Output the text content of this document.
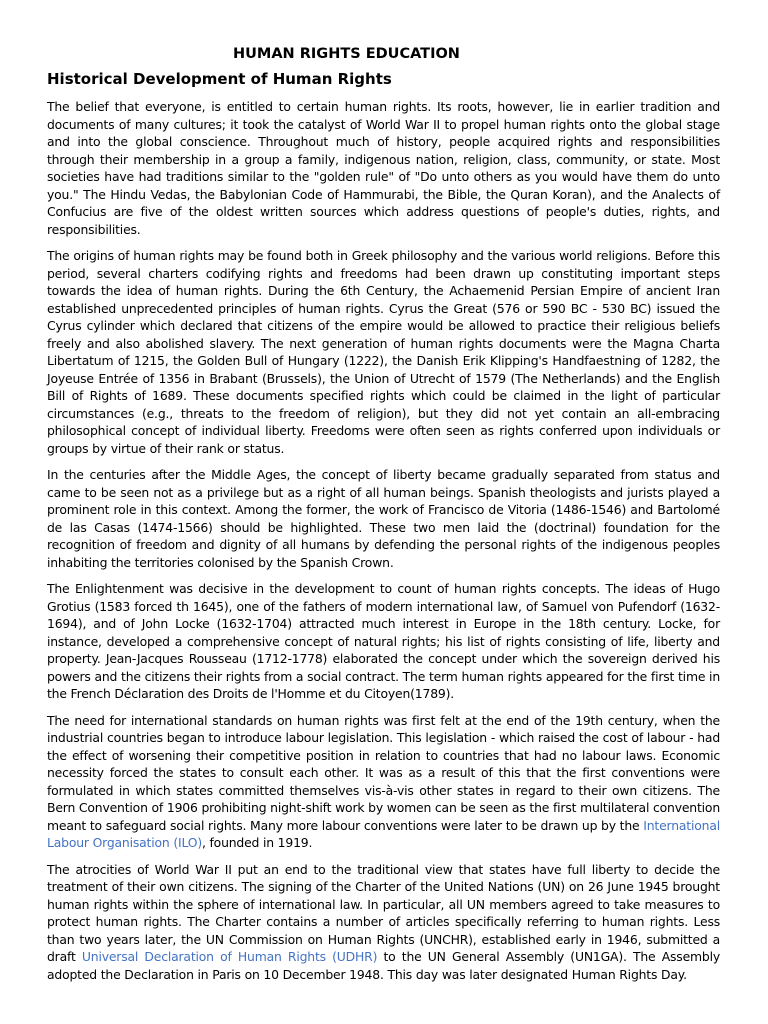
HUMAN RIGHTS EDUCATION
Historical Development of Human Rights

The belief that everyone, is entitled to certain human rights. Its roots, however, lie in earlier tradition and documents of many cultures; it took the catalyst of World War II to propel human rights onto the global stage and into the global conscience. Throughout much of history, people acquired rights and responsibilities through their membership in a group a family, indigenous nation, religion, class, community, or state. Most societies have had traditions similar to the "golden rule" of "Do unto others as you would have them do unto you." The Hindu Vedas, the Babylonian Code of Hammurabi, the Bible, the Quran Koran), and the Analects of Confucius are five of the oldest written sources which address questions of people's duties, rights, and responsibilities.

The origins of human rights may be found both in Greek philosophy and the various world religions. Before this period, several charters codifying rights and freedoms had been drawn up constituting important steps towards the idea of human rights. During the 6th Century, the Achaemenid Persian Empire of ancient Iran established unprecedented principles of human rights. Cyrus the Great (576 or 590 BC - 530 BC) issued the Cyrus cylinder which declared that citizens of the empire would be allowed to practice their religious beliefs freely and also abolished slavery. The next generation of human rights documents were the Magna Charta Libertatum of 1215, the Golden Bull of Hungary (1222), the Danish Erik Klipping's Handfaestning of 1282, the Joyeuse Entrée of 1356 in Brabant (Brussels), the Union of Utrecht of 1579 (The Netherlands) and the English Bill of Rights of 1689. These documents specified rights which could be claimed in the light of particular circumstances (e.g., threats to the freedom of religion), but they did not yet contain an all-embracing philosophical concept of individual liberty. Freedoms were often seen as rights conferred upon individuals or groups by virtue of their rank or status.

In the centuries after the Middle Ages, the concept of liberty became gradually separated from status and came to be seen not as a privilege but as a right of all human beings. Spanish theologists and jurists played a prominent role in this context. Among the former, the work of Francisco de Vitoria (1486-1546) and Bartolomé de las Casas (1474-1566) should be highlighted. These two men laid the (doctrinal) foundation for the recognition of freedom and dignity of all humans by defending the personal rights of the indigenous peoples inhabiting the territories colonised by the Spanish Crown.

The Enlightenment was decisive in the development to count of human rights concepts. The ideas of Hugo Grotius (1583 forced th 1645), one of the fathers of modern international law, of Samuel von Pufendorf (1632-1694), and of John Locke (1632-1704) attracted much interest in Europe in the 18th century. Locke, for instance, developed a comprehensive concept of natural rights; his list of rights consisting of life, liberty and property. Jean-Jacques Rousseau (1712-1778) elaborated the concept under which the sovereign derived his powers and the citizens their rights from a social contract. The term human rights appeared for the first time in the French Déclaration des Droits de l'Homme et du Citoyen(1789).

The need for international standards on human rights was first felt at the end of the 19th century, when the industrial countries began to introduce labour legislation. This legislation - which raised the cost of labour - had the effect of worsening their competitive position in relation to countries that had no labour laws. Economic necessity forced the states to consult each other. It was as a result of this that the first conventions were formulated in which states committed themselves vis-à-vis other states in regard to their own citizens. The Bern Convention of 1906 prohibiting night-shift work by women can be seen as the first multilateral convention meant to safeguard social rights. Many more labour conventions were later to be drawn up by the International Labour Organisation (ILO), founded in 1919.

The atrocities of World War II put an end to the traditional view that states have full liberty to decide the treatment of their own citizens. The signing of the Charter of the United Nations (UN) on 26 June 1945 brought human rights within the sphere of international law. In particular, all UN members agreed to take measures to protect human rights. The Charter contains a number of articles specifically referring to human rights. Less than two years later, the UN Commission on Human Rights (UNCHR), established early in 1946, submitted a draft Universal Declaration of Human Rights (UDHR) to the UN General Assembly (UN1GA). The Assembly adopted the Declaration in Paris on 10 December 1948. This day was later designated Human Rights Day.
